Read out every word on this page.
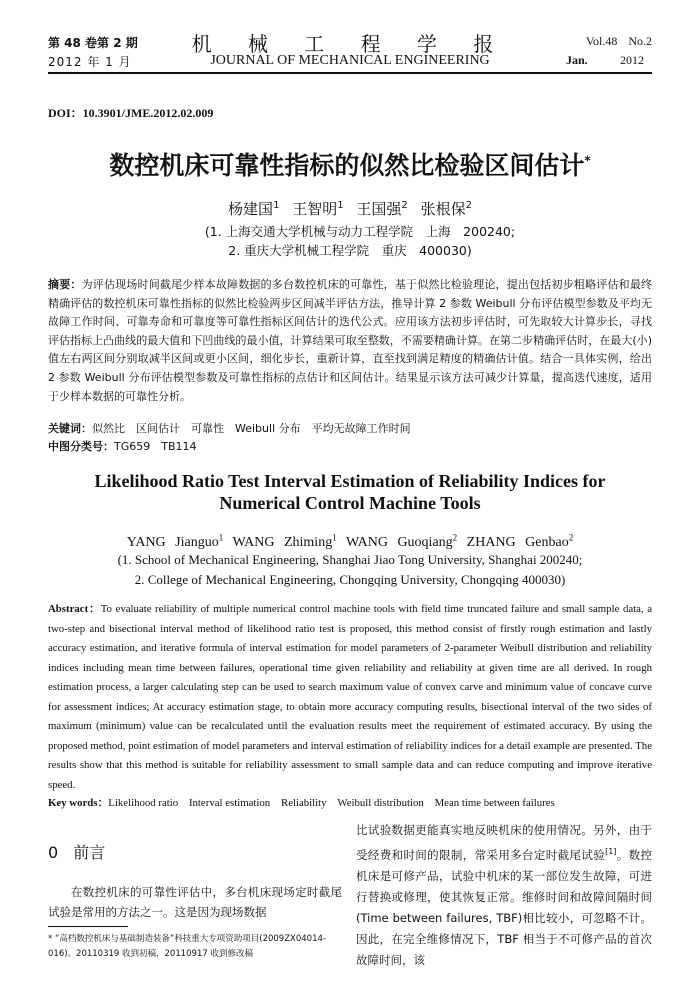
第 48 卷第 2 期
2012 年 1 月
机 械 工 程 学 报
JOURNAL OF MECHANICAL ENGINEERING
Vol.48 No.2
Jan.	2012
DOI：10.3901/JME.2012.02.009
数控机床可靠性指标的似然比检验区间估计*
杨建国$^1$ 王智明$^1$ 王国强$^2$ 张根保$^2$
(1. 上海交通大学机械与动力工程学院　上海　200240;
2. 重庆大学机械工程学院　重庆　400030)
摘要：为评估现场时间截尾少样本故障数据的多台数控机床的可靠性，基于似然比检验理论，提出包括初步粗略评估和最终精确评估的数控机床可靠性指标的似然比检验两步区间减半评估方法，推导计算 2 参数 Weibull 分布评估模型参数及平均无故障工作时间、可靠寿命和可靠度等可靠性指标区间估计的迭代公式。应用该方法初步评估时，可先取较大计算步长，寻找评估指标上凸曲线的最大值和下凹曲线的最小值，计算结果可取至整数，不需要精确计算。在第二步精确评估时，在最大(小)值左右两区间分别取减半区间或更小区间，细化步长，重新计算，直至找到满足精度的精确估计值。结合一具体实例，给出 2 参数 Weibull 分布评估模型参数及可靠性指标的点估计和区间估计。结果显示该方法可减少计算量，提高迭代速度，适用于少样本数据的可靠性分析。
关键词：似然比　区间估计　可靠性　Weibull 分布　平均无故障工作时间
中图分类号：TG659　TB114
Likelihood Ratio Test Interval Estimation of Reliability Indices for Numerical Control Machine Tools
YANG Jianguo$^1$ WANG Zhiming$^1$ WANG Guoqiang$^2$ ZHANG Genbao$^2$
(1. School of Mechanical Engineering, Shanghai Jiao Tong University, Shanghai 200240;
2. College of Mechanical Engineering, Chongqing University, Chongqing 400030)
Abstract：To evaluate reliability of multiple numerical control machine tools with field time truncated failure and small sample data, a two-step and bisectional interval method of likelihood ratio test is proposed, this method consist of firstly rough estimation and lastly accuracy estimation, and iterative formula of interval estimation for model parameters of 2-parameter Weibull distribution and reliability indices including mean time between failures, operational time given reliability and reliability at given time are all derived. In rough estimation process, a larger calculating step can be used to search maximum value of convex carve and minimum value of concave curve for assessment indices; At accuracy estimation stage, to obtain more accuracy computing results, bisectional interval of the two sides of maximum (minimum) value can be recalculated until the evaluation results meet the requirement of estimated accuracy. By using the proposed method, point estimation of model parameters and interval estimation of reliability indices for a detail example are presented. The results show that this method is suitable for reliability assessment to small sample data and can reduce computing and improve iterative speed.
Key words：Likelihood ratio　Interval estimation　Reliability　Weibull distribution　Mean time between failures
0 前言
在数控机床的可靠性评估中，多台机床现场定时截尾试验是常用的方法之一。这是因为现场数据
* “高档数控机床与基础制造装备”科技重大专项资助项目(2009ZX04014-016)。20110319 收到初稿，20110917 收到修改稿
比试验数据更能真实地反映机床的使用情况。另外，由于受经费和时间的限制，常采用多台定时截尾试验[1]。数控机床是可修产品，试验中机床的某一部位发生故障，可进行替换或修理，使其恢复正常。维修时间和故障间隔时间(Time between failures, TBF)相比较小，可忽略不计。因此，在完全维修情况下，TBF 相当于不可修产品的首次故障时间，该
